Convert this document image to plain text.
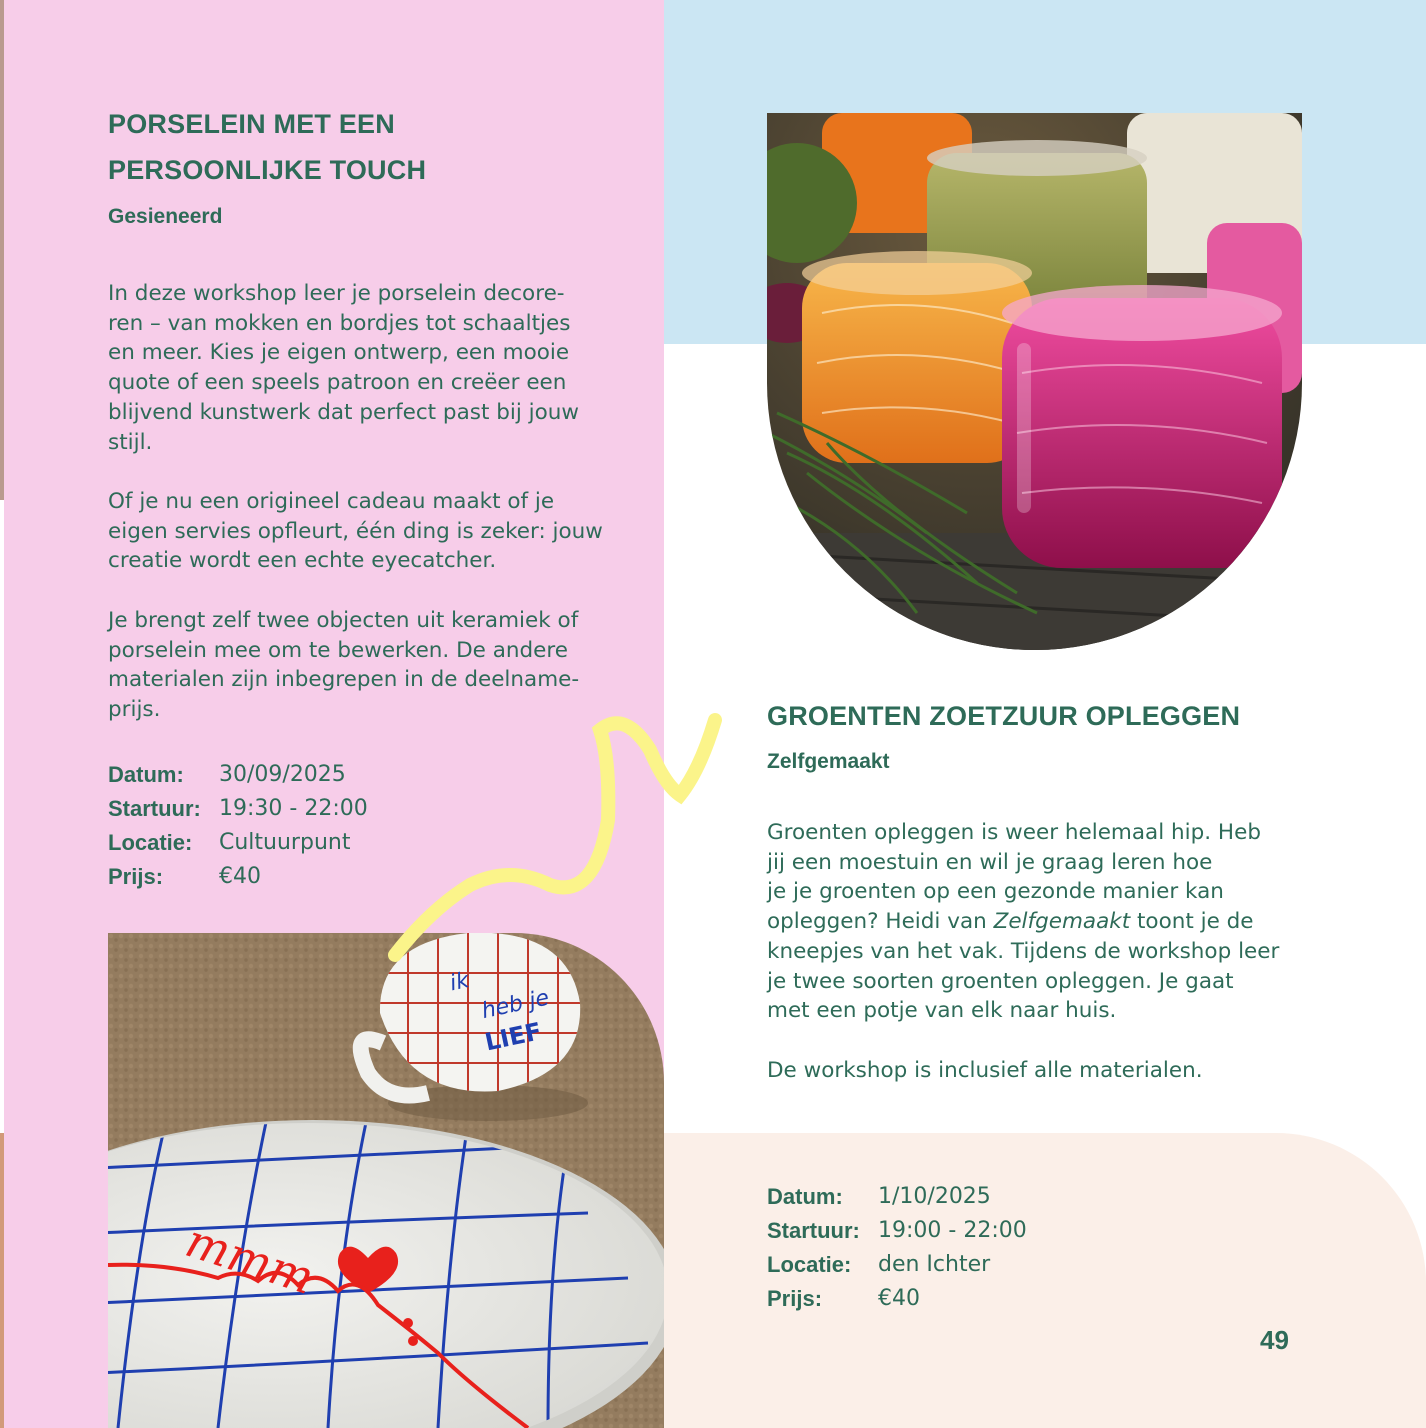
PORSELEIN MET EEN
PERSOONLIJKE TOUCH

Gesieneerd

In deze workshop leer je porselein decore-
ren – van mokken en bordjes tot schaaltjes
en meer. Kies je eigen ontwerp, een mooie
quote of een speels patroon en creëer een
blijvend kunstwerk dat perfect past bij jouw
stijl.

Of je nu een origineel cadeau maakt of je
eigen servies opfleurt, één ding is zeker: jouw
creatie wordt een echte eyecatcher.

Je brengt zelf twee objecten uit keramiek of
porselein mee om te bewerken. De andere
materialen zijn inbegrepen in de deelname-
prijs.

Datum:	30/09/2025
Startuur: 19:30 - 22:00
Locatie:	Cultuurpunt
Prijs:	€40
mmm
ik
heb je
LIEF
GROENTEN ZOETZUUR OPLEGGEN

Zelfgemaakt

Groenten opleggen is weer helemaal hip. Heb
jij een moestuin en wil je graag leren hoe
je je groenten op een gezonde manier kan
opleggen? Heidi van Zelfgemaakt toont je de
kneepjes van het vak. Tijdens de workshop leer
je twee soorten groenten opleggen. Je gaat
met een potje van elk naar huis.

De workshop is inclusief alle materialen.

Datum:	1/10/2025
Startuur: 19:00 - 22:00
Locatie:	den Ichter
Prijs:	€40
49
